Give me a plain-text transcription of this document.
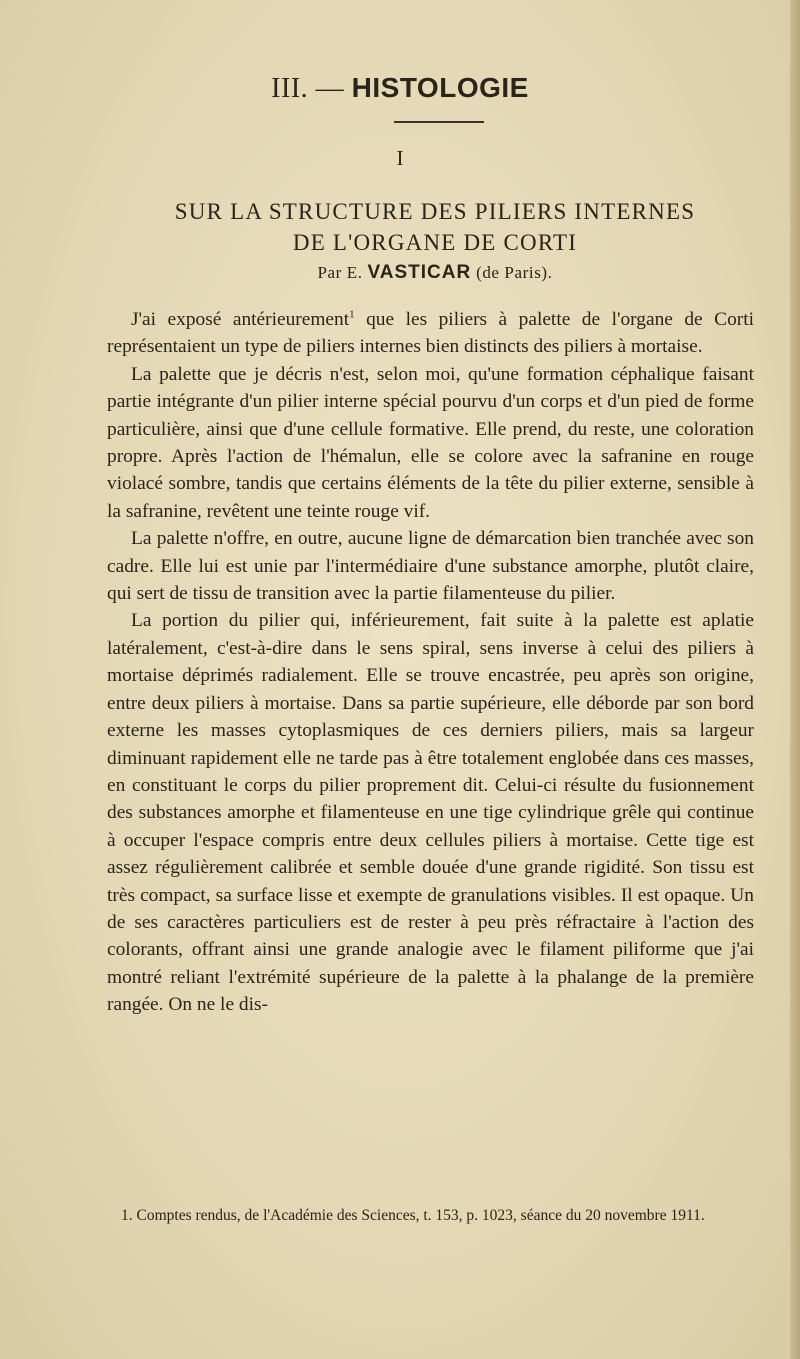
III. — HISTOLOGIE
I
SUR LA STRUCTURE DES PILIERS INTERNES
DE L'ORGANE DE CORTI
Par E. VASTICAR (de Paris).

J'ai exposé antérieurement$^1$ que les piliers à palette de l'organe de Corti représentaient un type de piliers internes bien distincts des piliers à mortaise.

La palette que je décris n'est, selon moi, qu'une formation céphalique faisant partie intégrante d'un pilier interne spécial pourvu d'un corps et d'un pied de forme particulière, ainsi que d'une cellule formative. Elle prend, du reste, une coloration propre. Après l'action de l'hémalun, elle se colore avec la safranine en rouge violacé sombre, tandis que certains éléments de la tête du pilier externe, sensible à la safranine, revêtent une teinte rouge vif.

La palette n'offre, en outre, aucune ligne de démarcation bien tranchée avec son cadre. Elle lui est unie par l'intermédiaire d'une substance amorphe, plutôt claire, qui sert de tissu de transition avec la partie filamenteuse du pilier.

La portion du pilier qui, inférieurement, fait suite à la palette est aplatie latéralement, c'est-à-dire dans le sens spiral, sens inverse à celui des piliers à mortaise déprimés radialement. Elle se trouve encastrée, peu après son origine, entre deux piliers à mortaise. Dans sa partie supérieure, elle déborde par son bord externe les masses cytoplasmiques de ces derniers piliers, mais sa largeur diminuant rapidement elle ne tarde pas à être totalement englobée dans ces masses, en constituant le corps du pilier proprement dit. Celui-ci résulte du fusionnement des substances amorphe et filamenteuse en une tige cylindrique grêle qui continue à occuper l'espace compris entre deux cellules piliers à mortaise. Cette tige est assez régulièrement calibrée et semble douée d'une grande rigidité. Son tissu est très compact, sa surface lisse et exempte de granulations visibles. Il est opaque. Un de ses caractères particuliers est de rester à peu près réfractaire à l'action des colorants, offrant ainsi une grande analogie avec le filament piliforme que j'ai montré reliant l'extrémité supérieure de la palette à la phalange de la première rangée. On ne le dis-

1. Comptes rendus, de l'Académie des Sciences, t. 153, p. 1023, séance du 20 novembre 1911.
